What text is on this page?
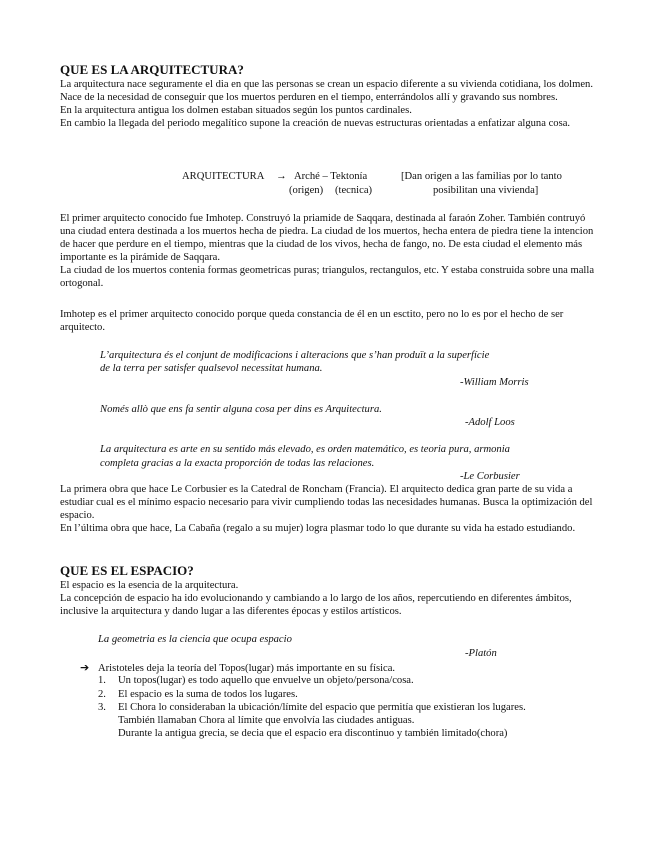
QUE ES LA ARQUITECTURA?

La arquitectura nace seguramente el dia en que las personas se crean un espacio diferente a su vivienda cotidiana, los dolmen.

Nace de la necesidad de conseguir que los muertos perduren en el tiempo, enterrándolos allí y gravando sus nombres.

En la arquitectura antigua los dolmen estaban situados según los puntos cardinales.

En cambio la llegada del periodo megalítico supone la creación de nuevas estructuras orientadas a enfatizar alguna cosa.

ARQUITECTURA → Arché – Tektonía
(origen) (tecnica)
[Dan origen a las familias por lo tanto
posibilitan una vivienda]

El primer arquitecto conocido fue Imhotep. Construyó la priamide de Saqqara, destinada al faraón Zoher. También contruyó una ciudad entera destinada a los muertos hecha de piedra. La ciudad de los muertos, hecha entera de piedra tiene la intencion de hacer que perdure en el tiempo, mientras que la ciudad de los vivos, hecha de fango, no. De esta ciudad el elemento más importante es la pirámide de Saqqara.

La ciudad de los muertos contenia formas geometricas puras; triangulos, rectangulos, etc. Y estaba construida sobre una malla ortogonal.

Imhotep es el primer arquitecto conocido porque queda constancia de él en un esctito, pero no lo es por el hecho de ser arquitecto.

L’arquitectura és el conjunt de modificacions i alteracions que s’han produït a la superfície
de la terra per satisfer qualsevol necessitat humana.
-William Morris
Només allò que ens fa sentir alguna cosa per dins es Arquitectura.
-Adolf Loos
La arquitectura es arte en su sentido más elevado, es orden matemático, es teoria pura, armonia
completa gracias a la exacta proporción de todas las relaciones.
-Le Corbusier

La primera obra que hace Le Corbusier es la Catedral de Roncham (Francia). El arquitecto dedica gran parte de su vida a estudiar cual es el mínimo espacio necesario para vivir cumpliendo todas las necesidades humanas. Busca la optimización del espacio.

En l’última obra que hace, La Cabaña (regalo a su mujer) logra plasmar todo lo que durante su vida ha estado estudiando.

QUE ES EL ESPACIO?

El espacio es la esencia de la arquitectura.

La concepción de espacio ha ido evolucionando y cambiando a lo largo de los años, repercutiendo en diferentes ámbitos, inclusive la arquitectura y dando lugar a las diferentes épocas y estilos artísticos.

La geometria es la ciencia que ocupa espacio
-Platón
➔ Aristoteles deja la teoría del Topos(lugar) más importante en su física.
1. Un topos(lugar) es todo aquello que envuelve un objeto/persona/cosa.
2. El espacio es la suma de todos los lugares.
3. El Chora lo consideraban la ubicación/límite del espacio que permitía que existieran los lugares.
También llamaban Chora al límite que envolvía las ciudades antiguas.
Durante la antigua grecia, se decia que el espacio era discontinuo y también limitado(chora)
